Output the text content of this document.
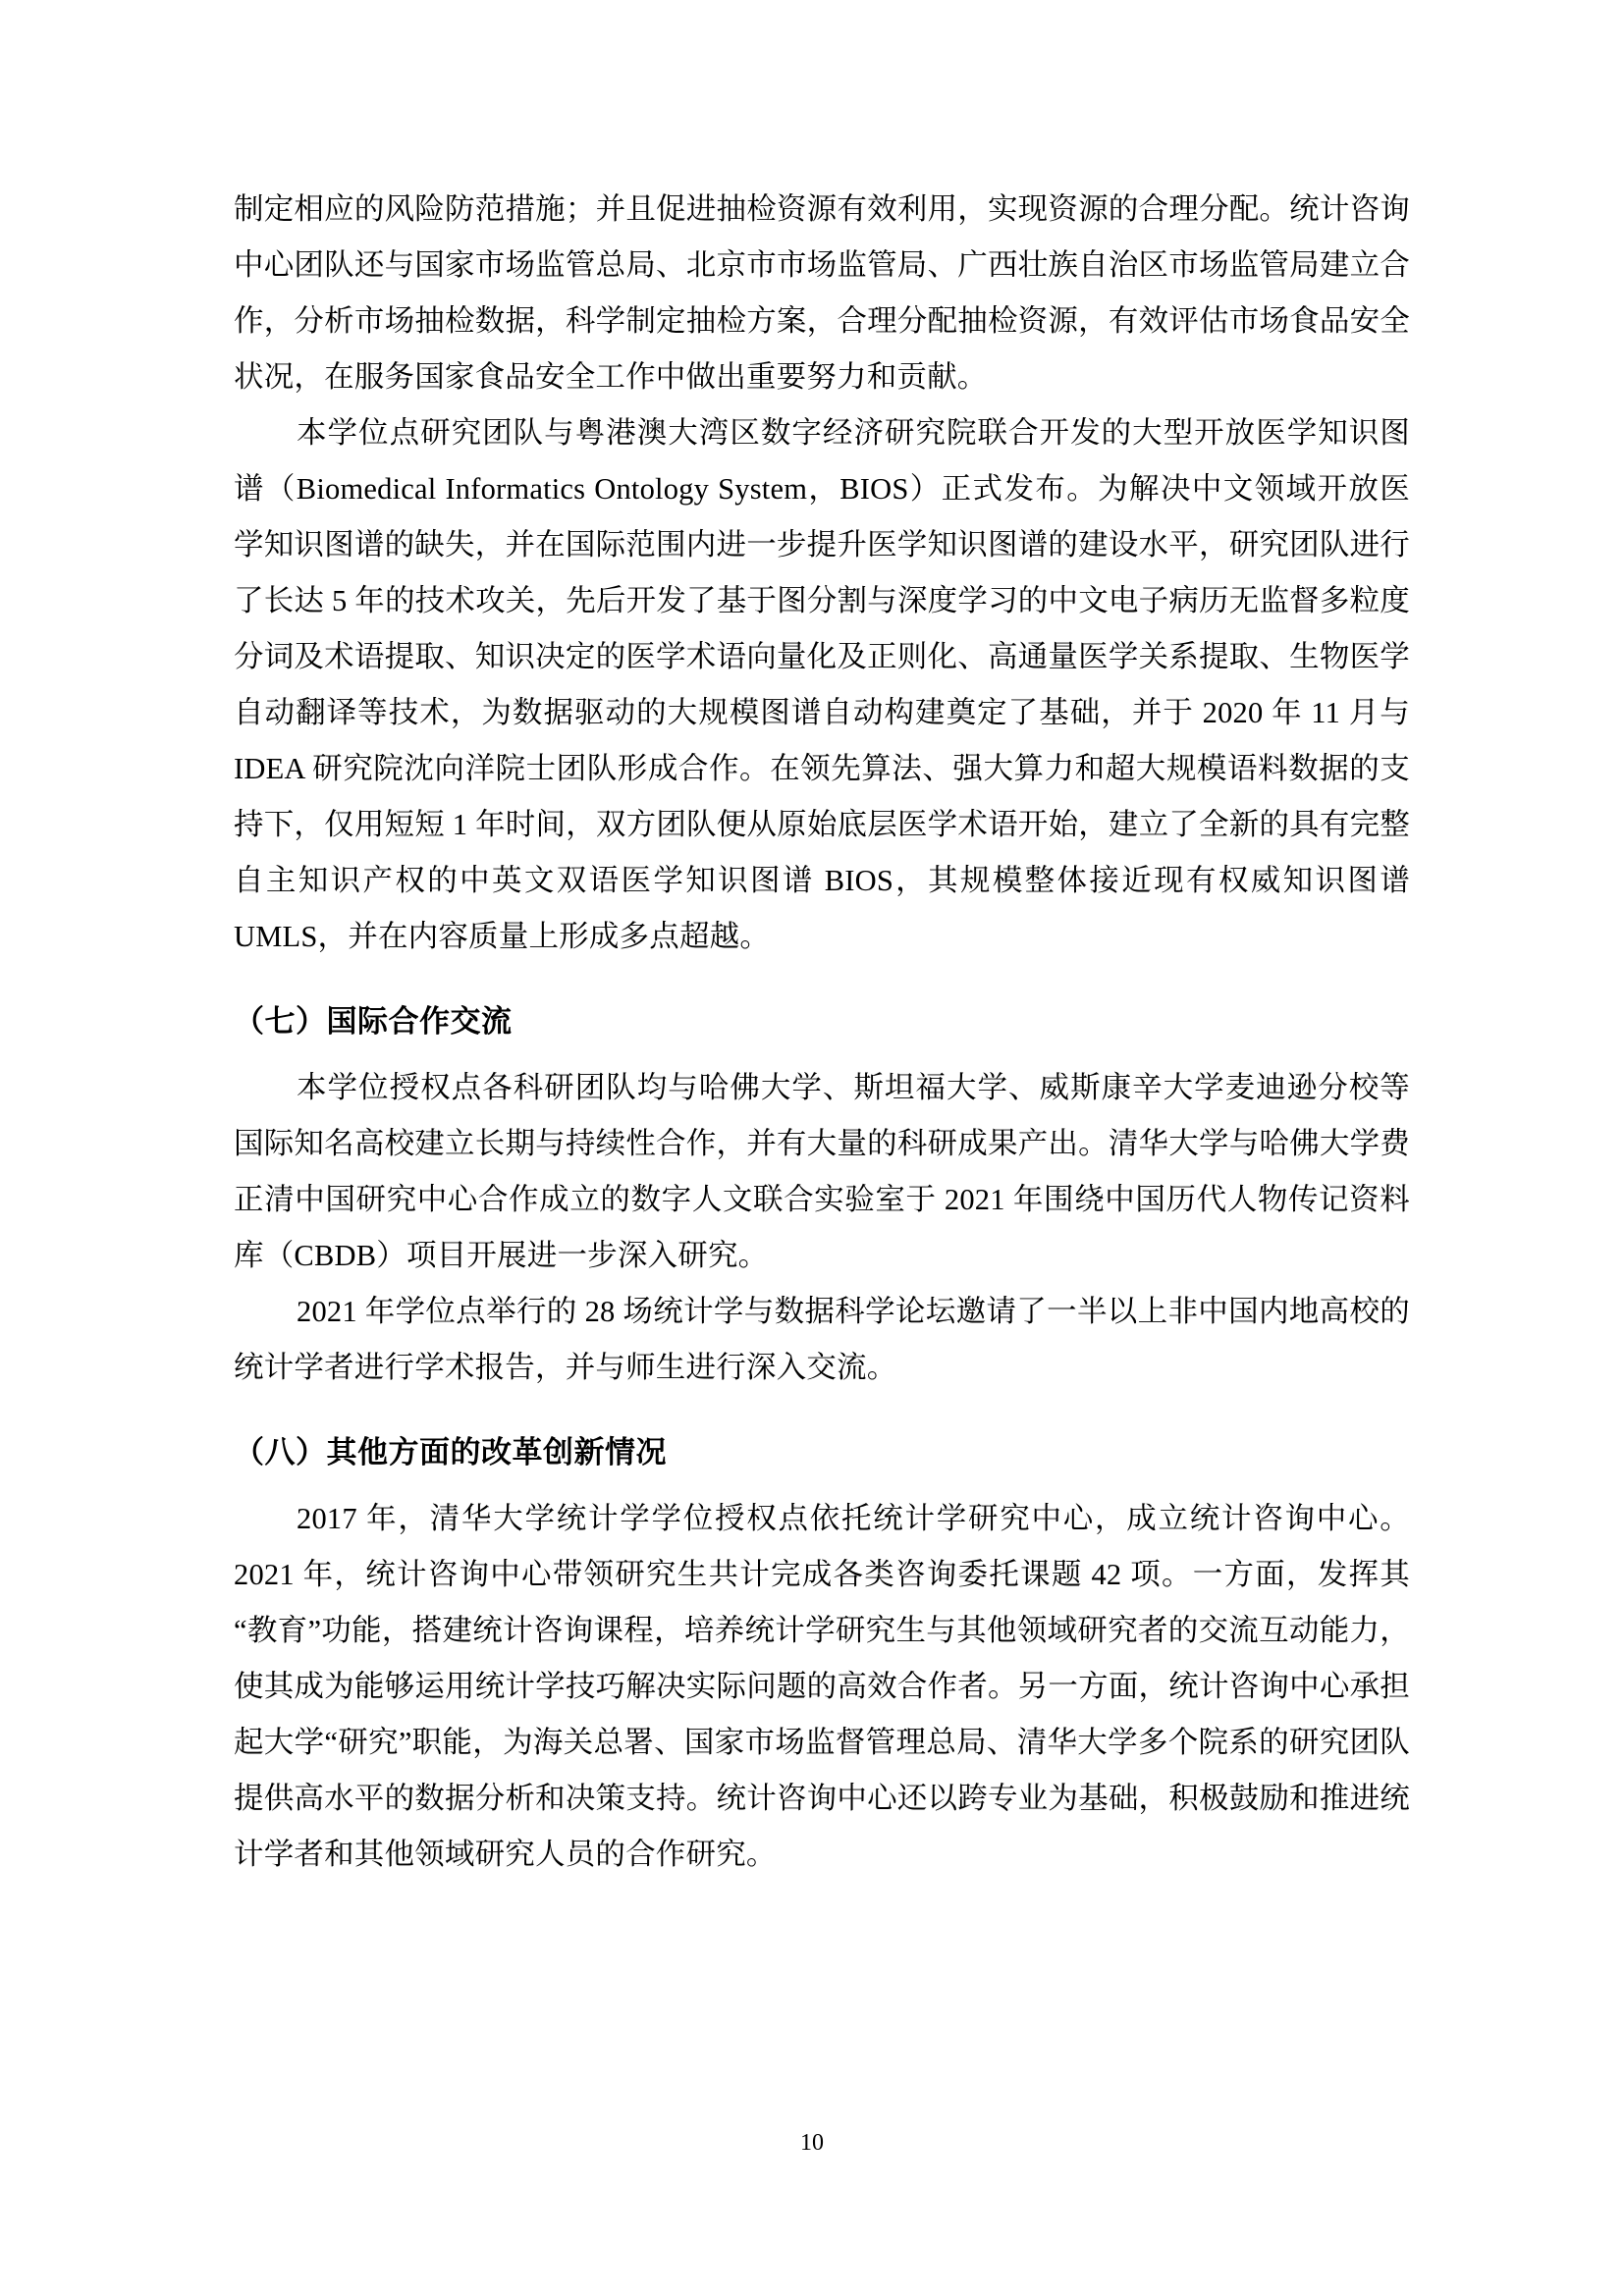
制定相应的风险防范措施；并且促进抽检资源有效利用，实现资源的合理分配。统计咨询中心团队还与国家市场监管总局、北京市市场监管局、广西壮族自治区市场监管局建立合作，分析市场抽检数据，科学制定抽检方案，合理分配抽检资源，有效评估市场食品安全状况，在服务国家食品安全工作中做出重要努力和贡献。

本学位点研究团队与粤港澳大湾区数字经济研究院联合开发的大型开放医学知识图谱（Biomedical Informatics Ontology System，BIOS）正式发布。为解决中文领域开放医学知识图谱的缺失，并在国际范围内进一步提升医学知识图谱的建设水平，研究团队进行了长达 5 年的技术攻关，先后开发了基于图分割与深度学习的中文电子病历无监督多粒度分词及术语提取、知识决定的医学术语向量化及正则化、高通量医学关系提取、生物医学自动翻译等技术，为数据驱动的大规模图谱自动构建奠定了基础，并于 2020 年 11 月与 IDEA 研究院沈向洋院士团队形成合作。在领先算法、强大算力和超大规模语料数据的支持下，仅用短短 1 年时间，双方团队便从原始底层医学术语开始，建立了全新的具有完整自主知识产权的中英文双语医学知识图谱 BIOS，其规模整体接近现有权威知识图谱 UMLS，并在内容质量上形成多点超越。

（七）国际合作交流

本学位授权点各科研团队均与哈佛大学、斯坦福大学、威斯康辛大学麦迪逊分校等国际知名高校建立长期与持续性合作，并有大量的科研成果产出。清华大学与哈佛大学费正清中国研究中心合作成立的数字人文联合实验室于 2021 年围绕中国历代人物传记资料库（CBDB）项目开展进一步深入研究。

2021 年学位点举行的 28 场统计学与数据科学论坛邀请了一半以上非中国内地高校的统计学者进行学术报告，并与师生进行深入交流。

（八）其他方面的改革创新情况

2017 年，清华大学统计学学位授权点依托统计学研究中心，成立统计咨询中心。2021 年，统计咨询中心带领研究生共计完成各类咨询委托课题 42 项。一方面，发挥其“教育”功能，搭建统计咨询课程，培养统计学研究生与其他领域研究者的交流互动能力，使其成为能够运用统计学技巧解决实际问题的高效合作者。另一方面，统计咨询中心承担起大学“研究”职能，为海关总署、国家市场监督管理总局、清华大学多个院系的研究团队提供高水平的数据分析和决策支持。统计咨询中心还以跨专业为基础，积极鼓励和推进统计学者和其他领域研究人员的合作研究。

10
